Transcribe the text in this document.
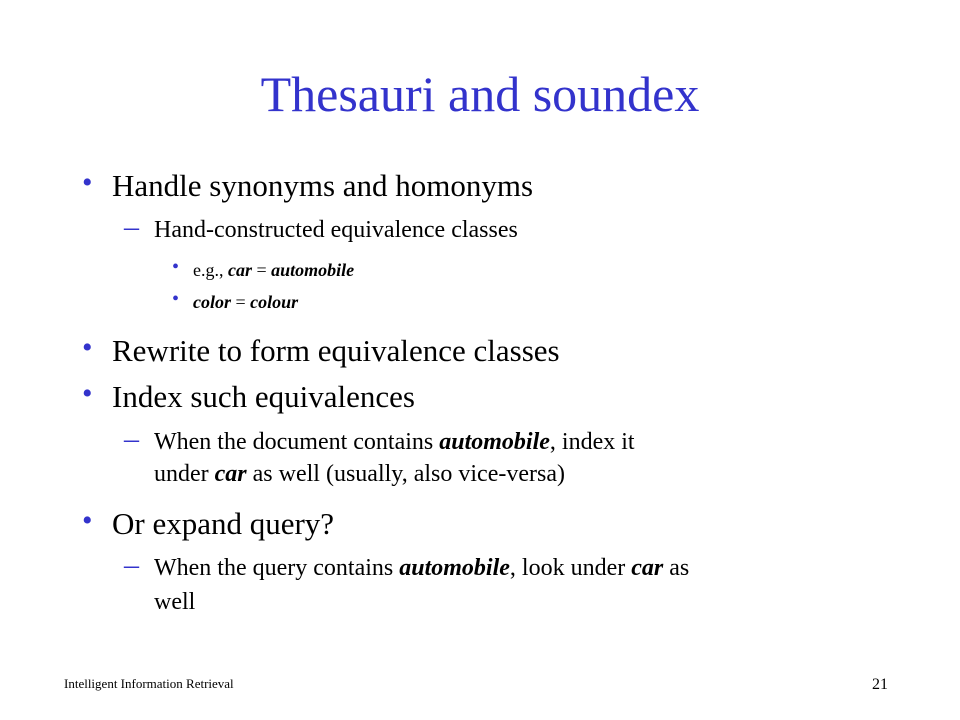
Thesauri and soundex
• Handle synonyms and homonyms
– Hand-constructed equivalence classes
• e.g., car = automobile
• color = colour
• Rewrite to form equivalence classes
• Index such equivalences
– When the document contains automobile, index it
under car as well (usually, also vice-versa)
• Or expand query?
– When the query contains automobile, look under car as
well
Intelligent Information Retrieval	21
